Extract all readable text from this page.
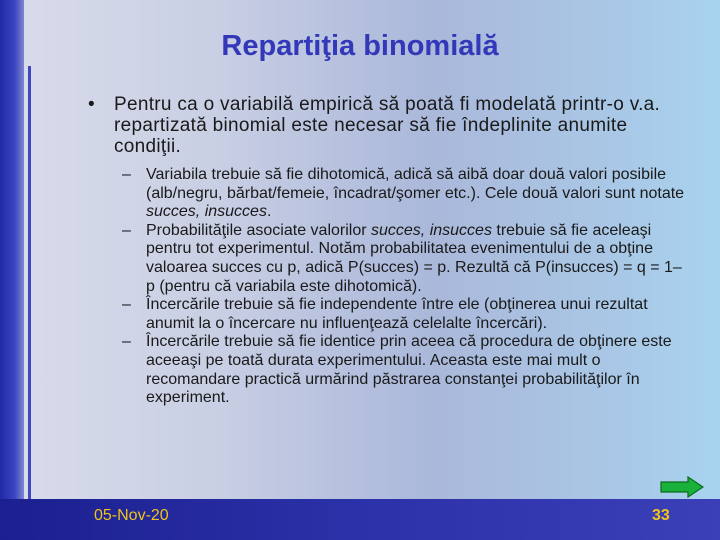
Repartiţia binomială
• Pentru ca o variabilă empirică să poată fi modelată printr‑o v.a. repartizată binomial este necesar să fie îndeplinite anumite condiţii.
– Variabila trebuie să fie dihotomică, adică să aibă doar două valori posibile (alb/negru, bărbat/femeie, încadrat/şomer etc.). Cele două valori sunt notate succes, insucces.
– Probabilităţile asociate valorilor succes, insucces trebuie să fie aceleaşi pentru tot experimentul. Notăm probabilitatea evenimentului de a obţine valoarea succes cu p, adică P(succes) = p. Rezultă că P(insucces) = q = 1–p (pentru că variabila este dihotomică).
– Încercările trebuie să fie independente între ele (obţinerea unui rezultat anumit la o încercare nu influenţează celelalte încercări).
– Încercările trebuie să fie identice prin aceea că procedura de obţinere este aceeaşi pe toată durata experimentului. Aceasta este mai mult o recomandare practică urmărind păstrarea constanţei probabilităţilor în experiment.
05-Nov-20	33
